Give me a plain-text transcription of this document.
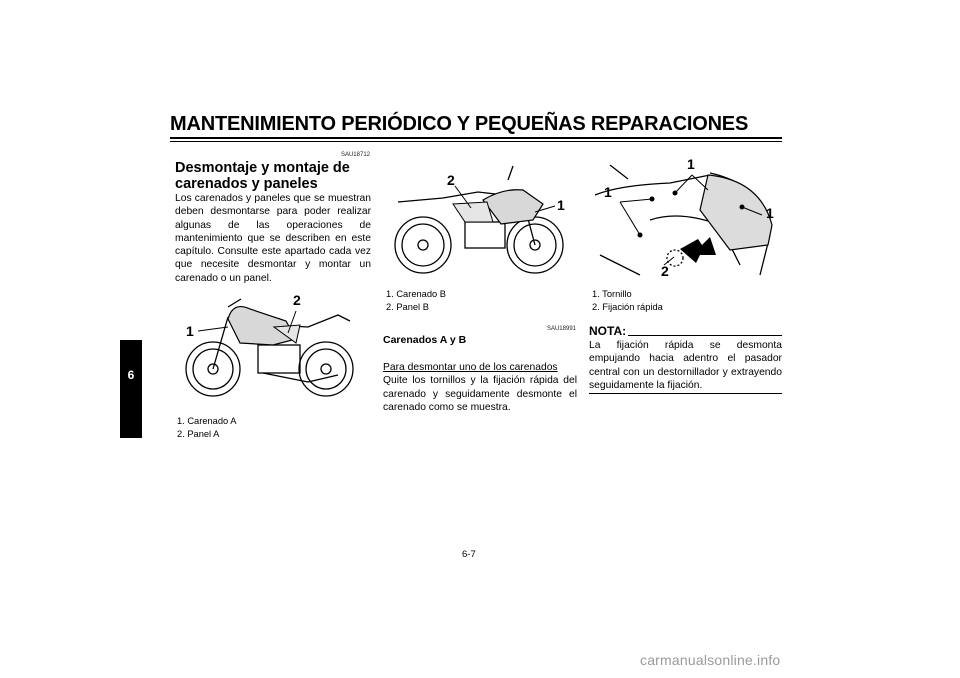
MANTENIMIENTO PERIÓDICO Y PEQUEÑAS REPARACIONES
6
SAU18712
Desmontaje y montaje de
carenados y paneles

Los carenados y paneles que se muestran deben desmontarse para poder realizar algunas de las operaciones de mantenimiento que se describen en este capítulo. Consulte este apartado cada vez que necesite desmontar y montar un carenado o un panel.

1
2
1. Carenado A
2. Panel A
2
1
1. Carenado B
2. Panel B
SAU18991
Carenados A y B

Para desmontar uno de los carenados

Quite los tornillos y la fijación rápida del carenado y seguidamente desmonte el carenado como se muestra.

1
1
1
2
1. Tornillo
2. Fijación rápida
NOTA:

La fijación rápida se desmonta empujando hacia adentro el pasador central con un destornillador y extrayendo seguidamente la fijación.

6-7
carmanualsonline.info
